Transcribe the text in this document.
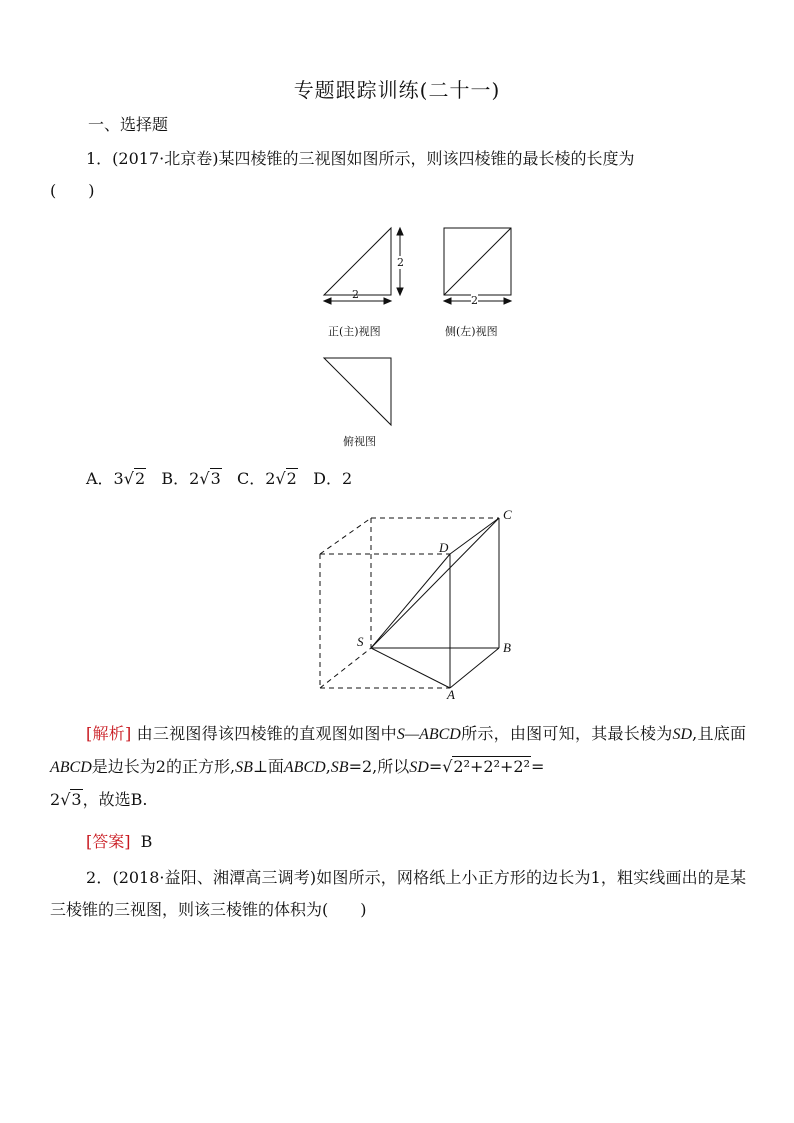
专题跟踪训练(二十一)
一、选择题

1．(2017·北京卷)某四棱锥的三视图如图所示，则该四棱锥的最长棱的长度为
(　　)

2
2
2
正(主)视图	侧(左)视图
俯视图
S
A
B
C
D
A．3√2 B．2√3 C．2√2 D．2

[解析] 由三视图得该四棱锥的直观图如图中S—ABCD所示，由图可知，其最长棱为SD,且底面ABCD是边长为2的正方形,SB⊥面ABCD,SB=2,所以SD=√2²+2²+2²=
2√3，故选B.

[答案] B

2．(2018·益阳、湘潭高三调考)如图所示，网格纸上小正方形的边长为1，粗实线画出的是某三棱锥的三视图，则该三棱锥的体积为(　　)
